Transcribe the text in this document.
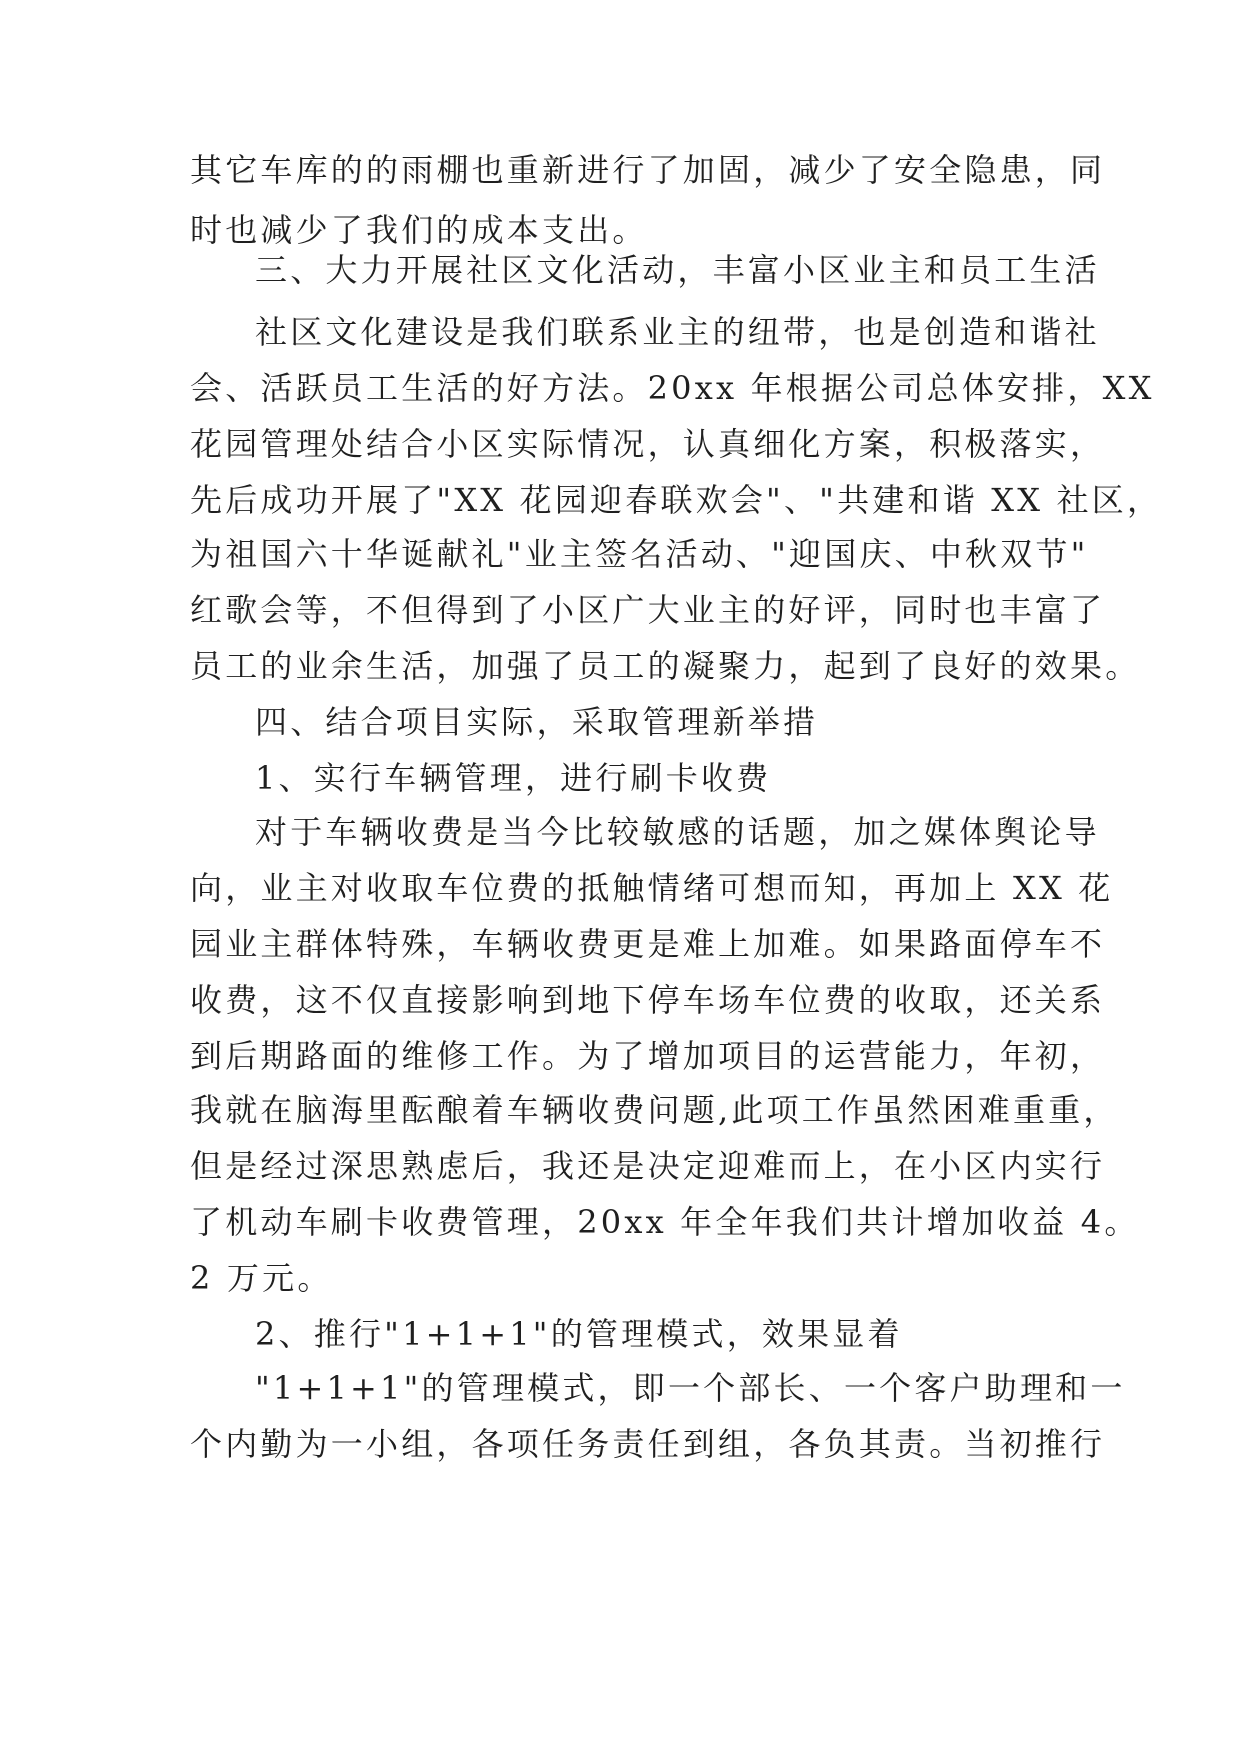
其它车库的的雨棚也重新进行了加固，减少了安全隐患，同
时也减少了我们的成本支出。
三、大力开展社区文化活动，丰富小区业主和员工生活
社区文化建设是我们联系业主的纽带，也是创造和谐社
会、活跃员工生活的好方法。20xx 年根据公司总体安排，XX
花园管理处结合小区实际情况，认真细化方案，积极落实，
先后成功开展了"XX 花园迎春联欢会"、"共建和谐 XX 社区，
为祖国六十华诞献礼"业主签名活动、"迎国庆、中秋双节"
红歌会等，不但得到了小区广大业主的好评，同时也丰富了
员工的业余生活，加强了员工的凝聚力，起到了良好的效果。
四、结合项目实际，采取管理新举措
1、实行车辆管理，进行刷卡收费
对于车辆收费是当今比较敏感的话题，加之媒体舆论导
向，业主对收取车位费的抵触情绪可想而知，再加上 XX 花
园业主群体特殊，车辆收费更是难上加难。如果路面停车不
收费，这不仅直接影响到地下停车场车位费的收取，还关系
到后期路面的维修工作。为了增加项目的运营能力，年初，
我就在脑海里酝酿着车辆收费问题,此项工作虽然困难重重，
但是经过深思熟虑后，我还是决定迎难而上，在小区内实行
了机动车刷卡收费管理，20xx 年全年我们共计增加收益 4。
2 万元。
2、推行"1+1+1"的管理模式，效果显着
"1+1+1"的管理模式，即一个部长、一个客户助理和一
个内勤为一小组，各项任务责任到组，各负其责。当初推行
